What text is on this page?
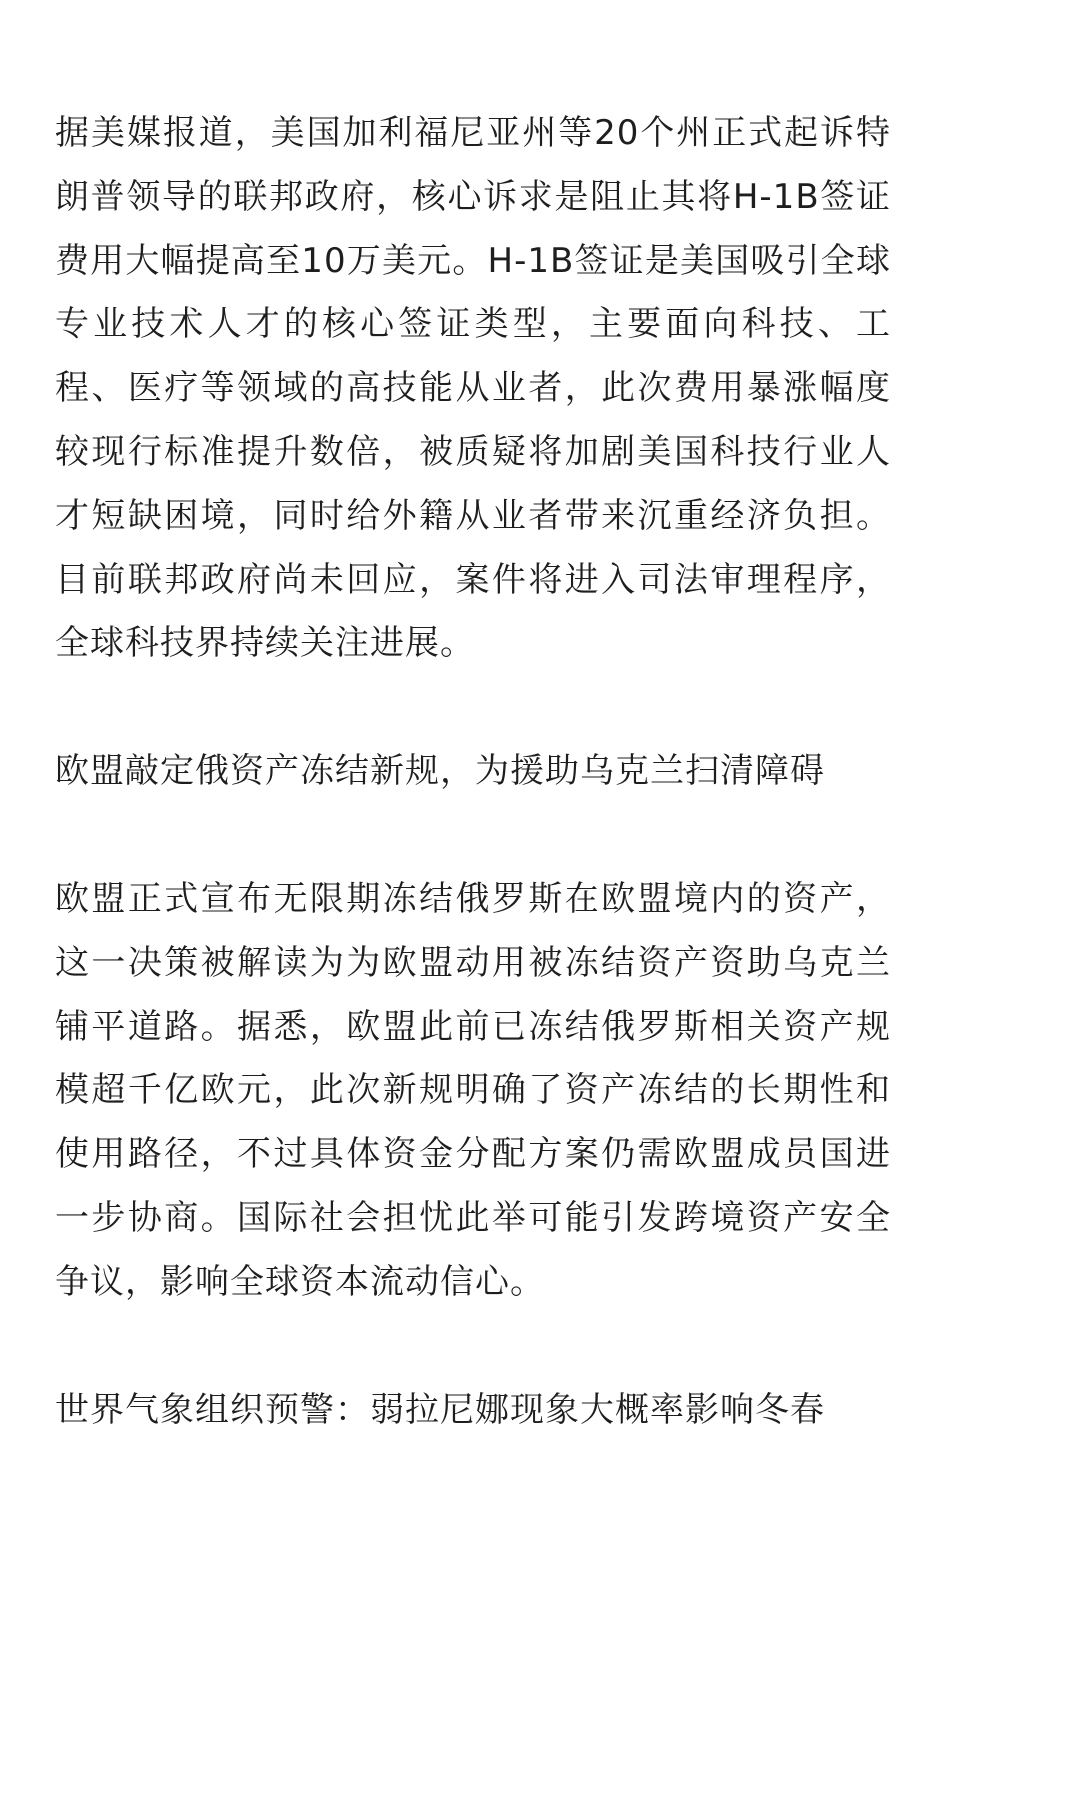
据美媒报道，美国加利福尼亚州等20个州正式起诉特朗普领导的联邦政府，核心诉求是阻止其将H-1B签证费用大幅提高至10万美元。H-1B签证是美国吸引全球专业技术人才的核心签证类型，主要面向科技、工程、医疗等领域的高技能从业者，此次费用暴涨幅度较现行标准提升数倍，被质疑将加剧美国科技行业人才短缺困境，同时给外籍从业者带来沉重经济负担。目前联邦政府尚未回应，案件将进入司法审理程序，全球科技界持续关注进展。

欧盟敲定俄资产冻结新规，为援助乌克兰扫清障碍

欧盟正式宣布无限期冻结俄罗斯在欧盟境内的资产，这一决策被解读为为欧盟动用被冻结资产资助乌克兰铺平道路。据悉，欧盟此前已冻结俄罗斯相关资产规模超千亿欧元，此次新规明确了资产冻结的长期性和使用路径，不过具体资金分配方案仍需欧盟成员国进一步协商。国际社会担忧此举可能引发跨境资产安全争议，影响全球资本流动信心。

世界气象组织预警：弱拉尼娜现象大概率影响冬春
